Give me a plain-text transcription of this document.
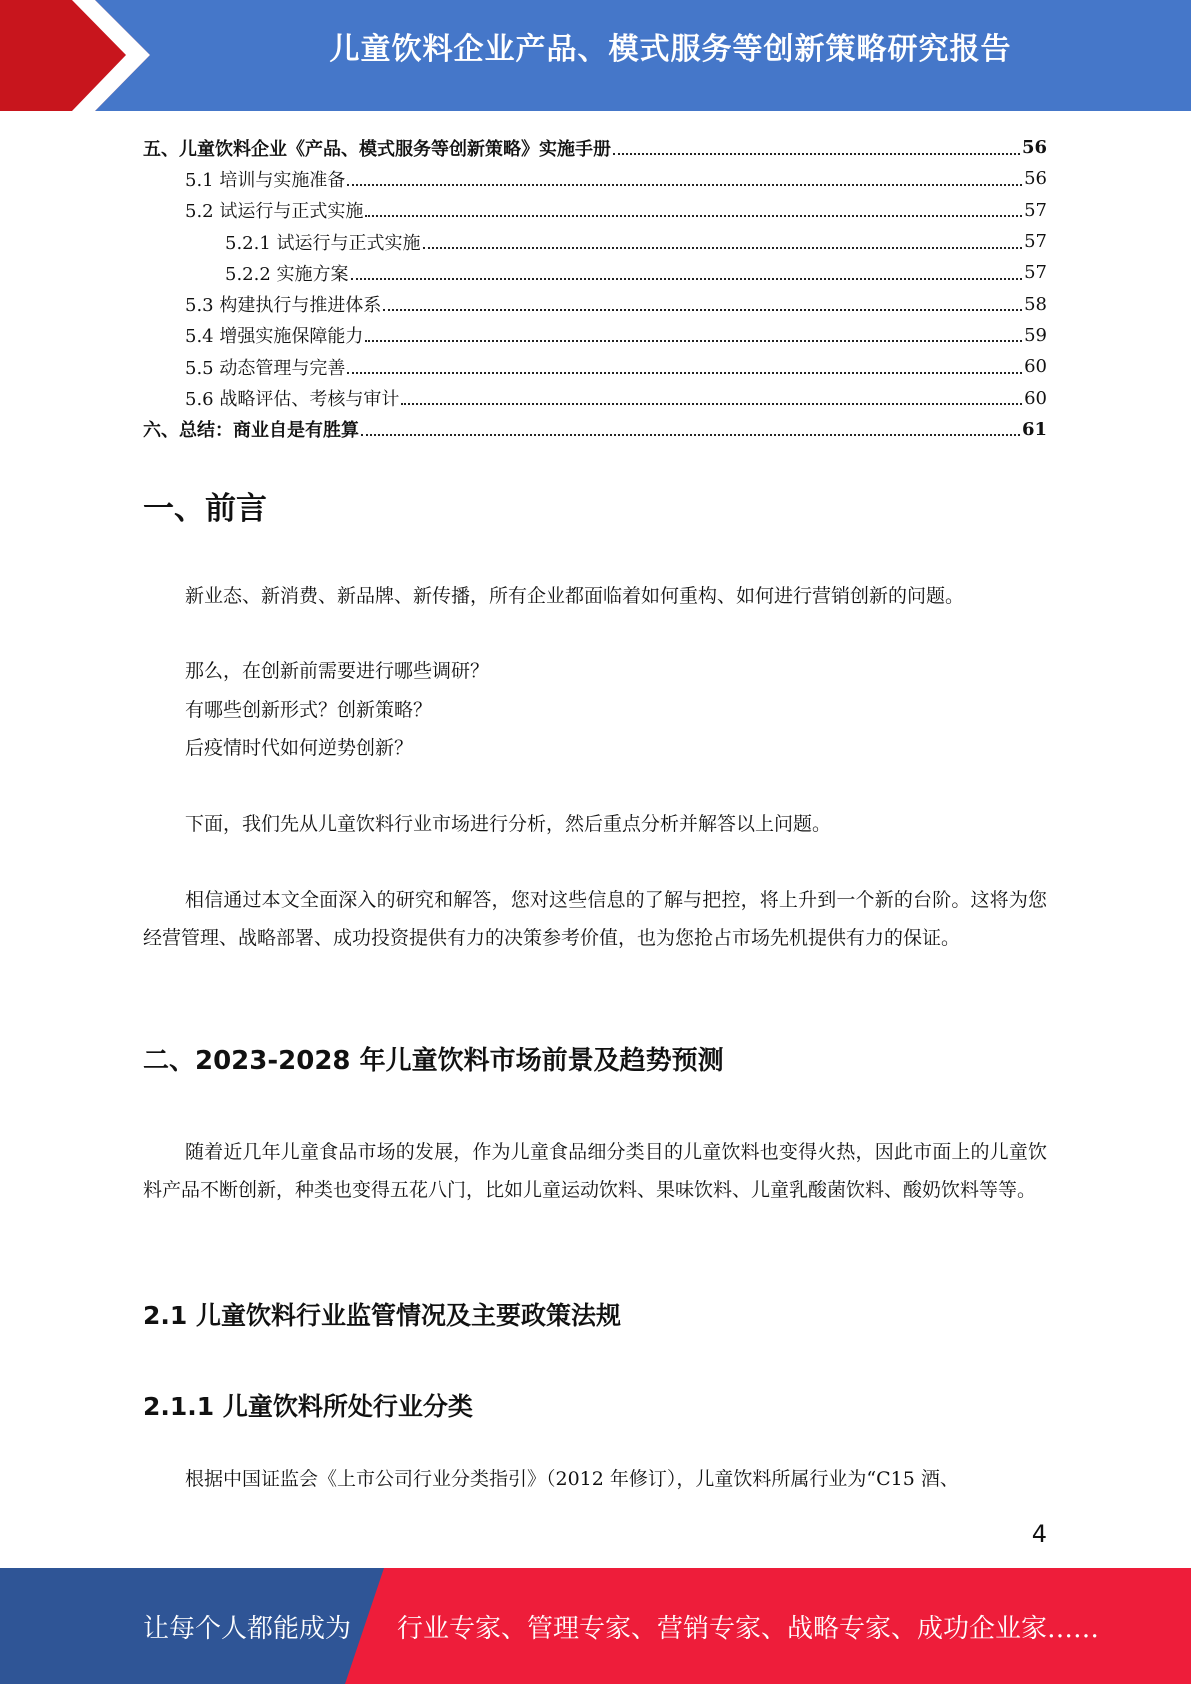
儿童饮料企业产品、模式服务等创新策略研究报告
五、儿童饮料企业《产品、模式服务等创新策略》实施手册	56
5.1 培训与实施准备	56
5.2 试运行与正式实施	57
5.2.1 试运行与正式实施	57
5.2.2 实施方案	57
5.3 构建执行与推进体系	58
5.4 增强实施保障能力	59
5.5 动态管理与完善	60
5.6 战略评估、考核与审计	60
六、总结：商业自是有胜算	61
一、前言
新业态、新消费、新品牌、新传播，所有企业都面临着如何重构、如何进行营销创新的问题。
那么，在创新前需要进行哪些调研？
有哪些创新形式？创新策略？
后疫情时代如何逆势创新？
下面，我们先从儿童饮料行业市场进行分析，然后重点分析并解答以上问题。
相信通过本文全面深入的研究和解答，您对这些信息的了解与把控，将上升到一个新的台阶。这将为您经营管理、战略部署、成功投资提供有力的决策参考价值，也为您抢占市场先机提供有力的保证。
二、2023-2028 年儿童饮料市场前景及趋势预测
随着近几年儿童食品市场的发展，作为儿童食品细分类目的儿童饮料也变得火热，因此市面上的儿童饮料产品不断创新，种类也变得五花八门，比如儿童运动饮料、果味饮料、儿童乳酸菌饮料、酸奶饮料等等。
2.1 儿童饮料行业监管情况及主要政策法规
2.1.1 儿童饮料所处行业分类
根据中国证监会《上市公司行业分类指引》（2012 年修订），儿童饮料所属行业为“C15 酒、
4
让每个人都能成为 行业专家、管理专家、营销专家、战略专家、成功企业家……
